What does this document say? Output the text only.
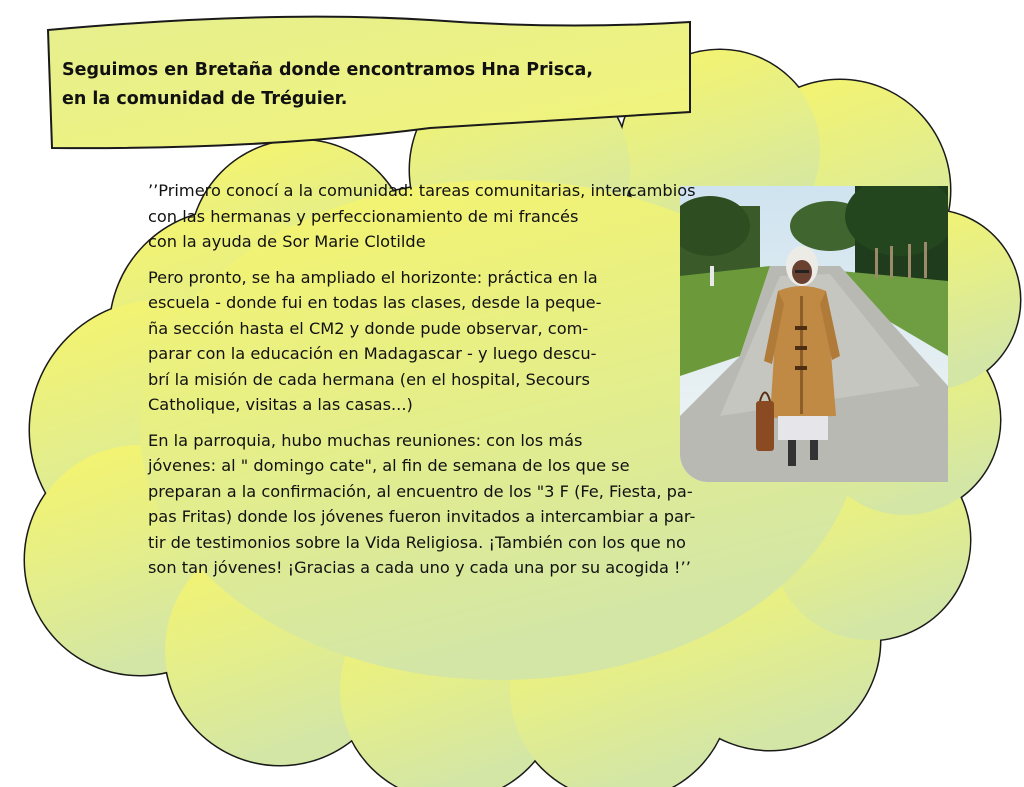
Seguimos en Bretaña donde encontramos Hna Prisca,
en la comunidad de Tréguier.
’’Primero conocí a la comunidad: tareas comunitarias, intercambios
con las hermanas y perfeccionamiento de mi francés
con la ayuda de Sor Marie Clotilde
Pero pronto, se ha ampliado el horizonte: práctica en la
escuela - donde fui en todas las clases, desde la peque-
ña sección hasta el CM2 y donde pude observar, com-
parar con la educación en Madagascar - y luego descu-
brí la misión de cada hermana (en el hospital, Secours
Catholique, visitas a las casas...)
En la parroquia, hubo muchas reuniones: con los más
jóvenes: al " domingo cate", al fin de semana de los que se
preparan a la confirmación, al encuentro de los "3 F (Fe, Fiesta, pa-
pas Fritas) donde los jóvenes fueron invitados a intercambiar a par-
tir de testimonios sobre la Vida Religiosa. ¡También con los que no
son tan jóvenes! ¡Gracias a cada uno y cada una por su acogida !’’
